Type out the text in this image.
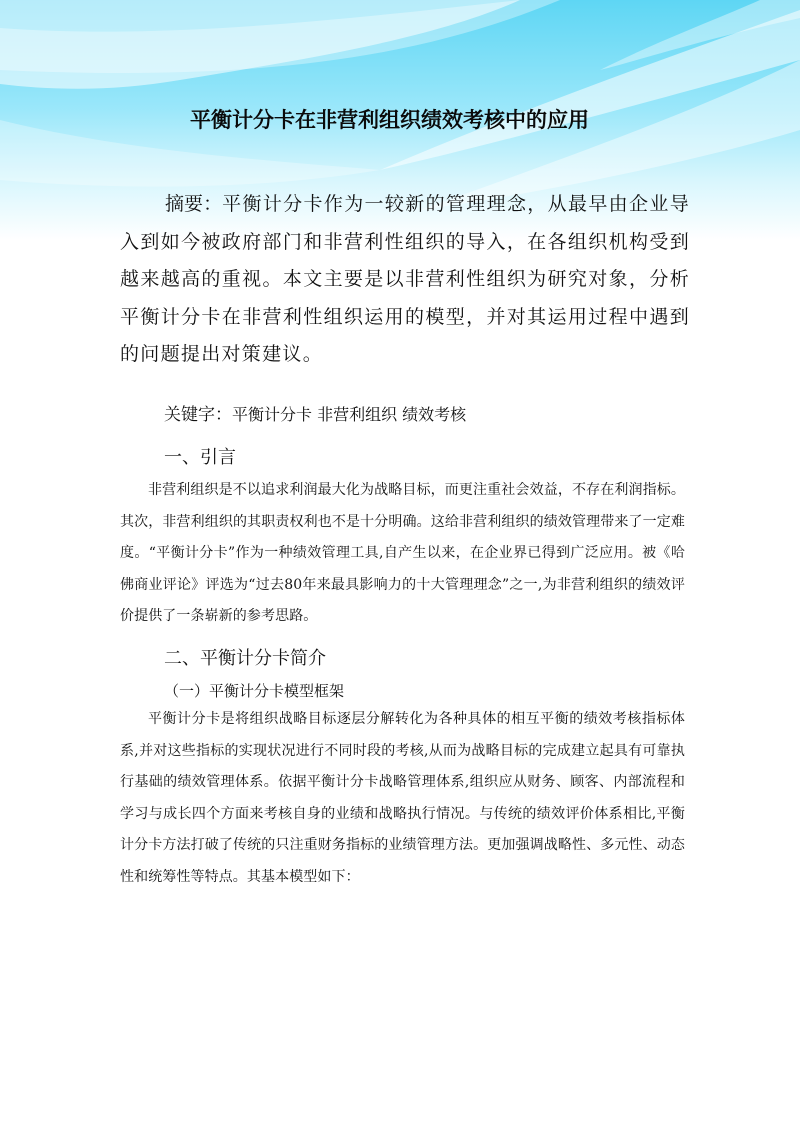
平衡计分卡在非营利组织绩效考核中的应用

摘要：平衡计分卡作为一较新的管理理念，从最早由企业导入到如今被政府部门和非营利性组织的导入，在各组织机构受到越来越高的重视。本文主要是以非营利性组织为研究对象，分析平衡计分卡在非营利性组织运用的模型，并对其运用过程中遇到的问题提出对策建议。

关键字：平衡计分卡 非营利组织 绩效考核
一、引言

非营利组织是不以追求利润最大化为战略目标，而更注重社会效益，不存在利润指标。其次，非营利组织的其职责权利也不是十分明确。这给非营利组织的绩效管理带来了一定难度。“平衡计分卡”作为一种绩效管理工具,自产生以来，在企业界已得到广泛应用。被《哈佛商业评论》评选为“过去80年来最具影响力的十大管理理念”之一,为非营利组织的绩效评价提供了一条崭新的参考思路。

二、平衡计分卡简介
（一）平衡计分卡模型框架

平衡计分卡是将组织战略目标逐层分解转化为各种具体的相互平衡的绩效考核指标体系,并对这些指标的实现状况进行不同时段的考核,从而为战略目标的完成建立起具有可靠执行基础的绩效管理体系。依据平衡计分卡战略管理体系,组织应从财务、顾客、内部流程和学习与成长四个方面来考核自身的业绩和战略执行情况。与传统的绩效评价体系相比,平衡计分卡方法打破了传统的只注重财务指标的业绩管理方法。更加强调战略性、多元性、动态性和统筹性等特点。其基本模型如下：
